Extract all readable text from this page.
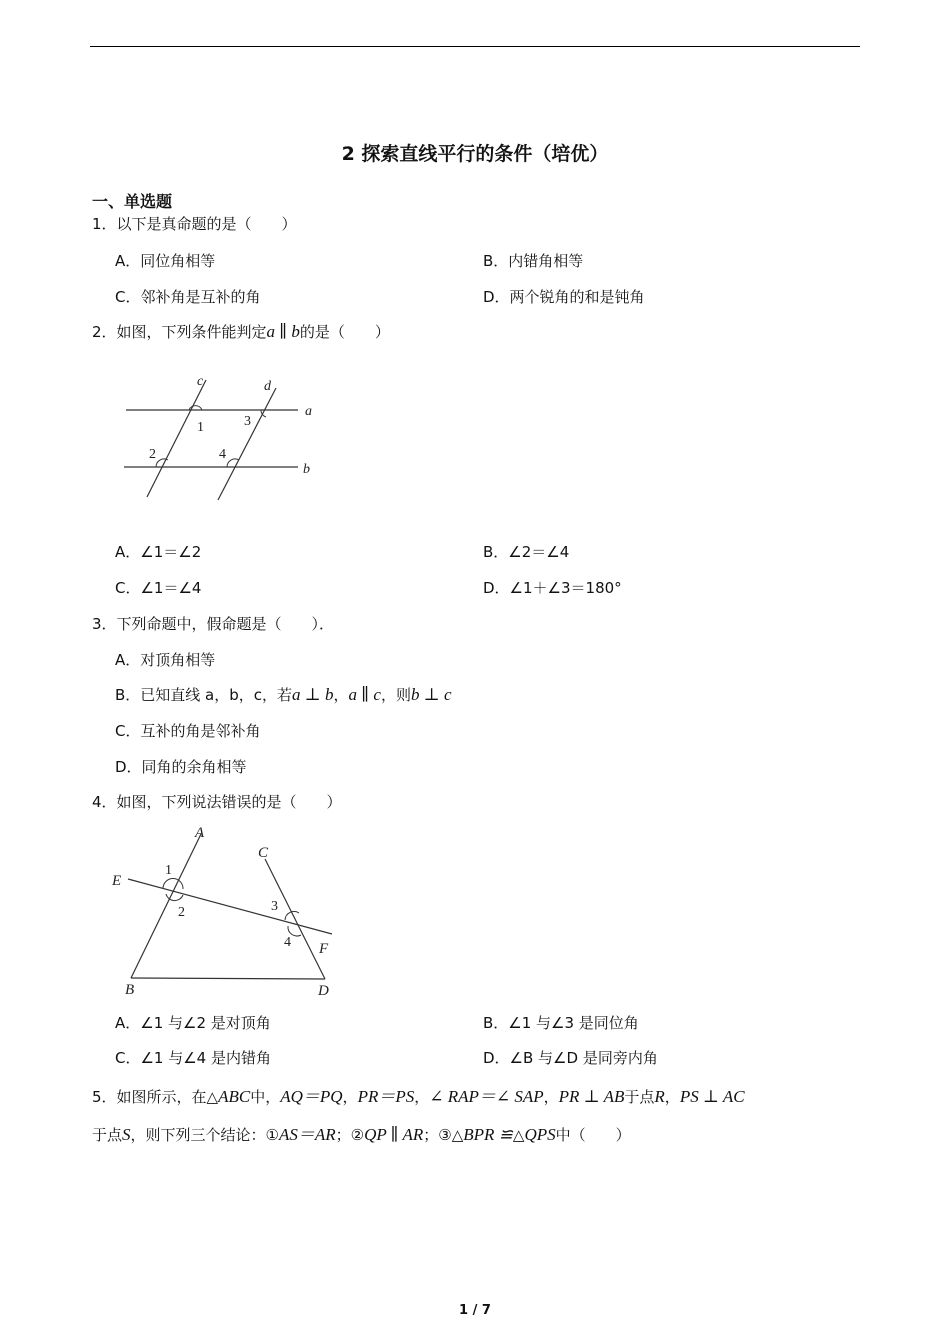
2 探索直线平行的条件（培优）
一、单选题
1．以下是真命题的是（　　）
A．同位角相等	B．内错角相等
C．邻补角是互补的角	D．两个锐角的和是钝角
2．如图，下列条件能判定a ∥ b的是（　　）
c	d
a
b
1	3
2	4
A．∠1＝∠2	B．∠2＝∠4
C．∠1＝∠4	D．∠1＋∠3＝180°
3．下列命题中，假命题是（　　）．
A．对顶角相等
B．已知直线 a，b，c，若a ⊥ b，a ∥ c，则b ⊥ c
C．互补的角是邻补角
D．同角的余角相等
4．如图，下列说法错误的是（　　）
A
C
E
F
B	D
1
2	3
4
A．∠1 与∠2 是对顶角	B．∠1 与∠3 是同位角
C．∠1 与∠4 是内错角	D．∠B 与∠D 是同旁内角
5．如图所示，在△ABC中，AQ＝PQ，PR＝PS，∠ RAP＝∠ SAP，PR ⊥ AB于点R，PS ⊥ AC
于点S，则下列三个结论：①AS＝AR；②QP ∥ AR；③△BPR ≌△QPS中（　　）
1 / 7
